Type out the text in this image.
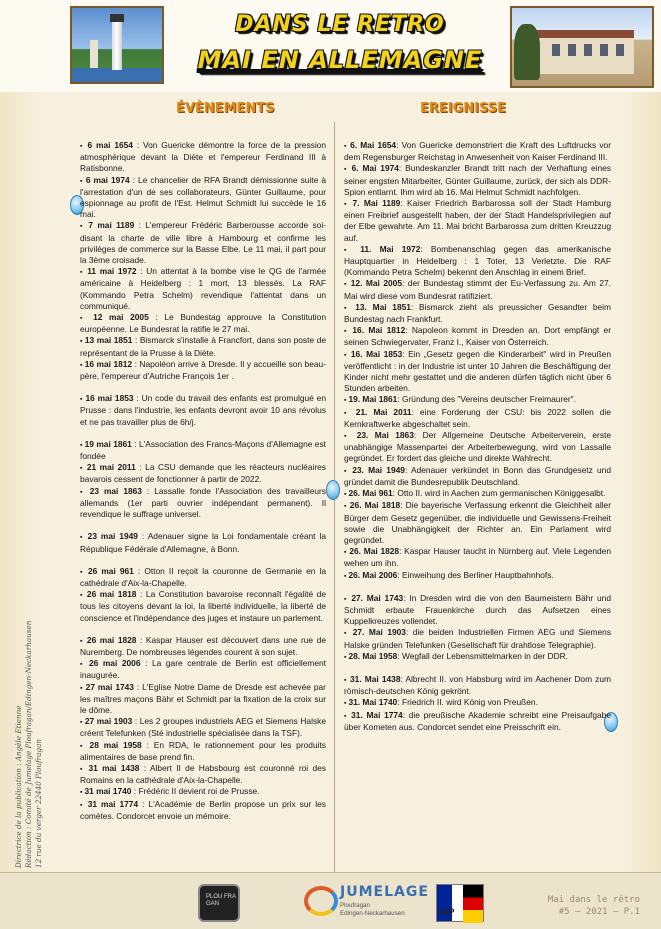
DANS LE RETRO
MAI EN ALLEMAGNE
ÉVÈNEMENTS	EREIGNISSE
▪ 6 mai 1654 : Von Guericke démontre la force de la pression atmosphérique devant la Diète et l'empereur Ferdinand III à Ratisbonne.
▪ 6 mai 1974 : Le chancelier de RFA Brandt démissionne suite à l'arrestation d'un de ses collaborateurs, Günter Guillaume, pour espionnage au profit de l'Est. Helmut Schmidt lui succède le 16 mai.
▪ 7 mai 1189 : L'empereur Frédéric Barberousse accorde soi-disant la charte de ville libre à Hambourg et confirme les privilèges de commerce sur la Basse Elbe. Le 11 mai, il part pour la 3ème croisade.
▪ 11 mai 1972 : Un attentat à la bombe vise le QG de l'armée américaine à Heidelberg : 1 mort, 13 blessés. La RAF (Kommando Petra Schelm) revendique l'attentat dans un communiqué.
▪ 12 mai 2005 : Le Bundestag approuve la Constitution européenne. Le Bundesrat la ratifie le 27 mai.
▪ 13 mai 1851 : Bismarck s'installe à Francfort, dans son poste de représentant de la Prusse à la Diète.
▪ 16 mai 1812 : Napoléon arrive à Dresde. Il y accueille son beau-père, l'empereur d'Autriche François 1er .
▪ 16 mai 1853 : Un code du travail des enfants est promulgué en Prusse : dans l'industrie, les enfants devront avoir 10 ans révolus et ne pas travailler plus de 6h/j.
▪ 19 mai 1861 : L'Association des Francs-Maçons d'Allemagne est fondée
▪ 21 mai 2011 : La CSU demande que les réacteurs nucléaires bavarois cessent de fonctionner à partir de 2022.
▪ 23 mai 1863 : Lassalle fonde l'Association des travailleurs allemands (1er parti ouvrier indépendant permanent). Il revendique le suffrage universel.
▪ 23 mai 1949 : Adenauer signe la Loi fondamentale créant la République Fédérale d'Allemagne, à Bonn.
▪ 26 mai 961 : Otton II reçoit la couronne de Germanie en la cathédrale d'Aix-la-Chapelle.
▪ 26 mai 1818 : La Constitution bavaroise reconnaît l'égalité de tous les citoyens devant la loi, la liberté individuelle, la liberté de conscience et l'indépendance des juges et instaure un parlement.
▪ 26 mai 1828 : Kaspar Hauser est découvert dans une rue de Nuremberg. De nombreuses légendes courent à son sujet.
▪ 26 mai 2006 : La gare centrale de Berlin est officiellement inaugurée.
▪ 27 mai 1743 : L'Eglise Notre Dame de Dresde est achevée par les maîtres maçons Bähr et Schmidt par la fixation de la croix sur le dôme.
▪ 27 mai 1903 : Les 2 groupes industriels AEG et Siemens Halske créent Telefunken (Sté industrielle spécialisée dans la TSF).
▪ 28 mai 1958 : En RDA, le rationnement pour les produits alimentaires de base prend fin.
▪ 31 mai 1438 : Albert II de Habsbourg est couronné roi des Romains en la cathédrale d'Aix-la-Chapelle.
▪ 31 mai 1740 : Frédéric II devient roi de Prusse.
▪ 31 mai 1774 : L'Académie de Berlin propose un prix sur les comètes. Condorcet envoie un mémoire.
▪ 6. Mai 1654: Von Guericke demonstriert die Kraft des Luftdrucks vor dem Regensburger Reichstag in Anwesenheit von Kaiser Ferdinand III.
▪ 6. Mai 1974: Bundeskanzler Brandt tritt nach der Verhaftung eines seiner engsten Mitarbeiter, Günter Guillaume, zurück, der sich als DDR-Spion entlarnt. Ihm wird ab 16. Mai Helmut Schmidt nachfolgen.
▪ 7. Mai 1189: Kaiser Friedrich Barbarossa soll der Stadt Hamburg einen Freibrief ausgestellt haben, der der Stadt Handelsprivilegien auf der Elbe gewahrte. Am 11. Mai bricht Barbarossa zum dritten Kreuzzug auf.
▪ 11. Mai 1972: Bombenanschlag gegen das amerikanische Hauptquartier in Heidelberg : 1 Toter, 13 Verletzte. Die RAF (Kommando Petra Schelm) bekennt den Anschlag in einem Brief.
▪ 12. Mai 2005: der Bundestag stimmt der Eu-Verfassung zu. Am 27. Mai wird diese vom Bundesrat ratifiziert.
▪ 13. Mai 1851: Bismarck zieht als preussicher Gesandter beim Bundestag nach Frankfurt.
▪ 16. Mai 1812: Napoleon kommt in Dresden an. Dort empfängt er seinen Schwiegervater, Franz I., Kaiser von Österreich.
▪ 16. Mai 1853: Ein „Gesetz gegen die Kinderarbeit" wird in Preußen veröffentlicht : in der Industrie ist unter 10 Jahren die Beschäftigung der Kinder nicht mehr gestattet und die anderen dürfen täglich nicht über 6 Stunden arbeiten.
▪ 19. Mai 1861: Gründung des "Vereins deutscher Freimaurer".
▪ 21. Mai 2011: eine Forderung der CSU: bis 2022 sollen die Kernkraftwerke abgeschaltet sein.
▪ 23. Mai 1863: Der Allgemeine Deutsche Arbeiterverein, erste unabhängige Massenpartei der Arbeiterbewegung, wird von Lassalle gegründet. Er fordert das gleiche und direkte Wahlrecht.
▪ 23. Mai 1949: Adenauer verkündet in Bonn das Grundgesetz und gründet damit die Bundesrepublik Deutschland.
▪ 26. Mai 961: Otto II. wird in Aachen zum germanischen Königgesalbt.
▪ 26. Mai 1818: Die bayerische Verfassung erkennt die Gleichheit aller Bürger dem Gesetz gegenüber, die individuelle und Gewissens-Freiheit sowie die Unabhängigkeit der Richter an. Ein Parlament wird gegründet.
▪ 26. Mai 1828: Kaspar Hauser taucht in Nürnberg auf. Viele Legenden wehen um ihn.
▪ 26. Mai 2006: Einweihung des Berliner Hauptbahnhofs.
▪ 27. Mai 1743: In Dresden wird die von den Baumeistern Bähr und Schmidt erbaute Frauenkirche durch das Aufsetzen eines Kuppelkreuzes vollendet.
▪ 27. Mai 1903: die beiden Industriellen Firmen AEG und Siemens Halske gründen Telefunken (Gesellschaft für drahtlose Telegraphie).
▪ 28. Mai 1958: Wegfall der Lebensmittelmarken in der DDR.
▪ 31. Mai 1438: Albrecht II. von Habsburg wird im Aachener Dom zum römisch-deutschen König gekrönt.
▪ 31. Mai 1740: Friedrich II. wird König von Preußen.
▪ 31. Mai 1774: die preußische Akademie schreibt eine Preisaufgabe über Kometen aus. Condorcet sendet eine Preisschrift ein.
Directrice de la publication : Angèle Etienne Rédaction : Comité de Jumelage Ploufragan/Edingen-Neckarhausen 12 rue du verger 22440 Ploufragan
PLOU FRA GAN
JUMELAGE
Ploufragan
Edingen-Neckarhausen	IGP
Mai dans le rétro
#5 – 2021 – P.1
